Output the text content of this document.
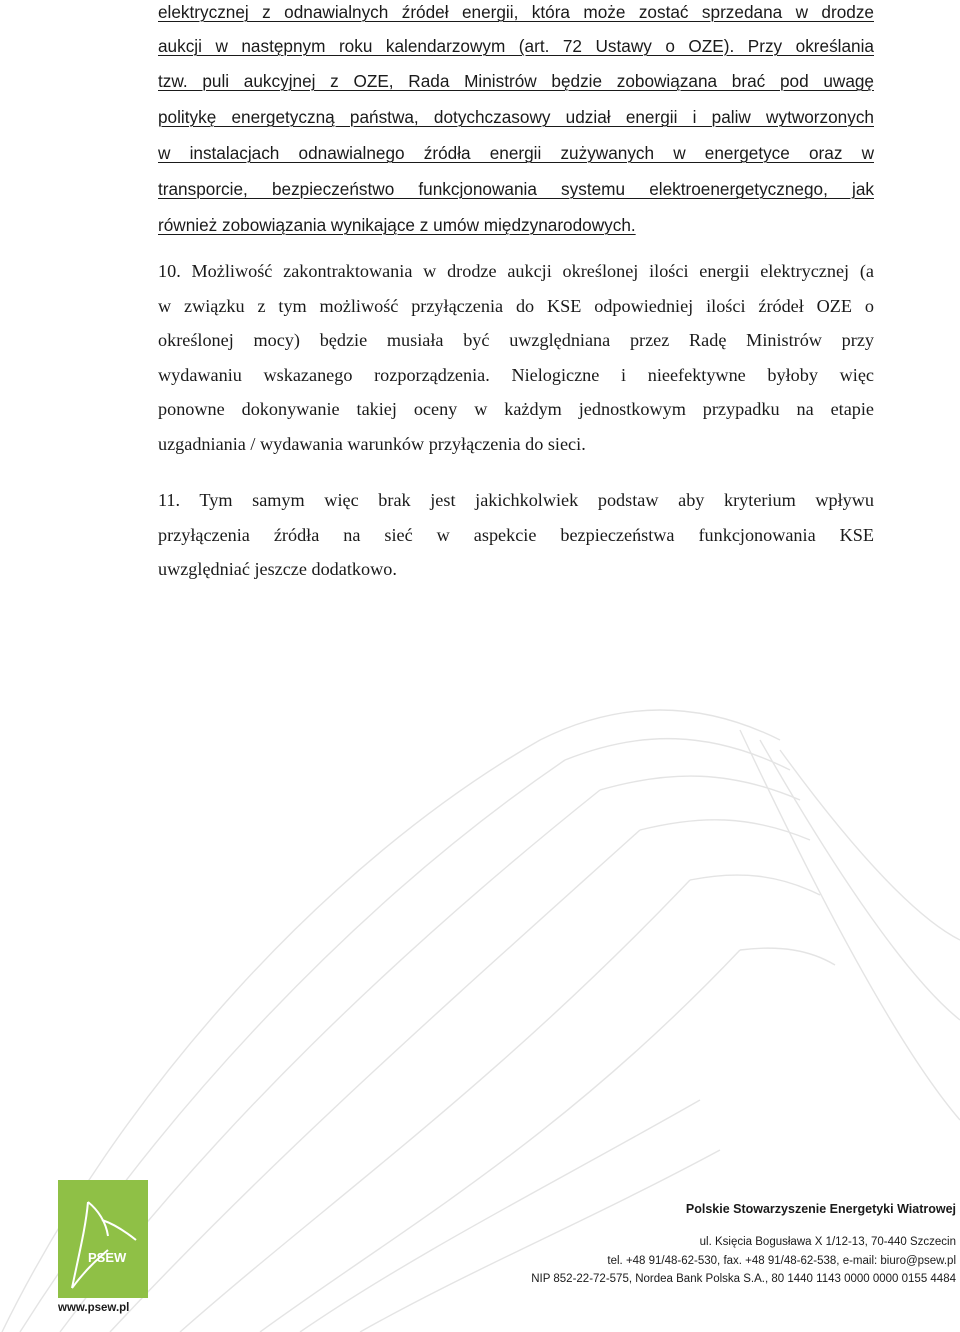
elektrycznej z odnawialnych źródeł energii, która może zostać sprzedana w drodze
aukcji w następnym roku kalendarzowym (art. 72 Ustawy o OZE). Przy określania
tzw. puli aukcyjnej z OZE, Rada Ministrów będzie zobowiązana brać pod uwagę
politykę energetyczną państwa, dotychczasowy udział energii i paliw wytworzonych
w instalacjach odnawialnego źródła energii zużywanych w energetyce oraz w
transporcie, bezpieczeństwo funkcjonowania systemu elektroenergetycznego, jak
również zobowiązania wynikające z umów międzynarodowych.
10. Możliwość zakontraktowania w drodze aukcji określonej ilości energii elektrycznej (a
w związku z tym możliwość przyłączenia do KSE odpowiedniej ilości źródeł OZE o
określonej mocy) będzie musiała być uwzględniana przez Radę Ministrów przy
wydawaniu wskazanego rozporządzenia. Nielogiczne i nieefektywne byłoby więc
ponowne dokonywanie takiej oceny w każdym jednostkowym przypadku na etapie
uzgadniania / wydawania warunków przyłączenia do sieci.
11. Tym samym więc brak jest jakichkolwiek podstaw aby kryterium wpływu
przyłączenia źródła na sieć w aspekcie bezpieczeństwa funkcjonowania KSE
uwzględniać jeszcze dodatkowo.
PSEW
www.psew.pl
Polskie Stowarzyszenie Energetyki Wiatrowej
ul. Księcia Bogusława X 1/12-13, 70-440 Szczecin
tel. +48 91/48-62-530, fax. +48 91/48-62-538, e-mail: biuro@psew.pl
NIP 852-22-72-575, Nordea Bank Polska S.A., 80 1440 1143 0000 0000 0155 4484
